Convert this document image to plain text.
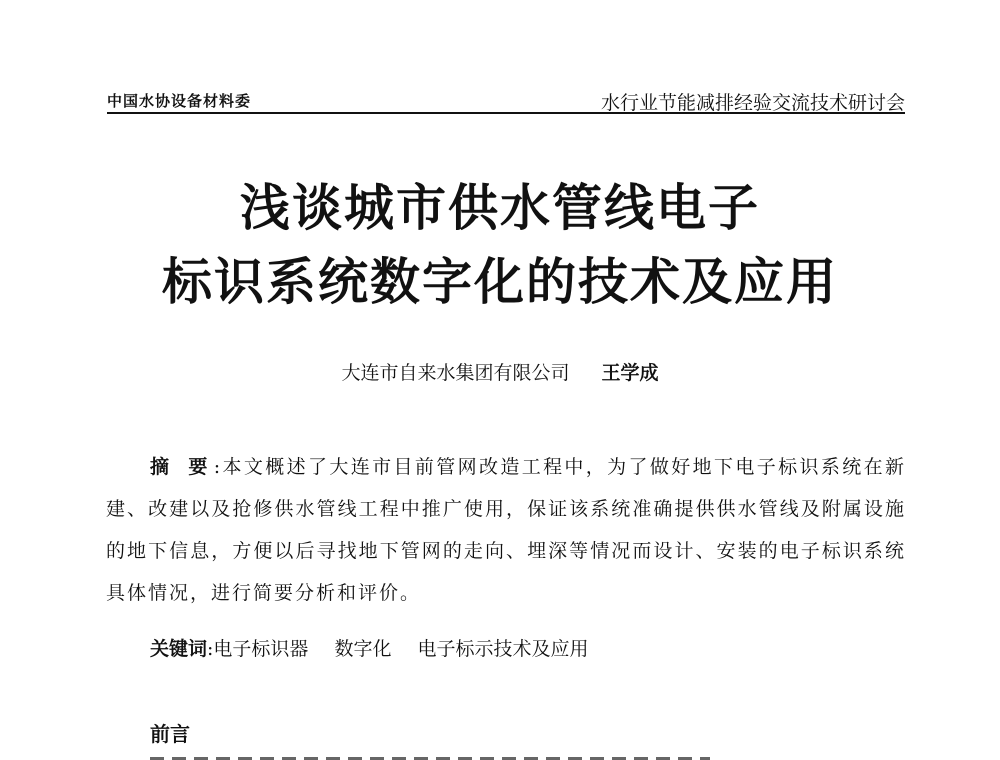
中国水协设备材料委	水行业节能减排经验交流技术研讨会
浅谈城市供水管线电子
标识系统数字化的技术及应用
大连市自来水集团有限公司 王学成
摘 要:本文概述了大连市目前管网改造工程中，为了做好地下电子标识系统在新建、改建以及抢修供水管线工程中推广使用，保证该系统准确提供供水管线及附属设施的地下信息，方便以后寻找地下管网的走向、埋深等情况而设计、安装的电子标识系统具体情况，进行简要分析和评价。
关键词:电子标识器 数字化 电子标示技术及应用
前言
